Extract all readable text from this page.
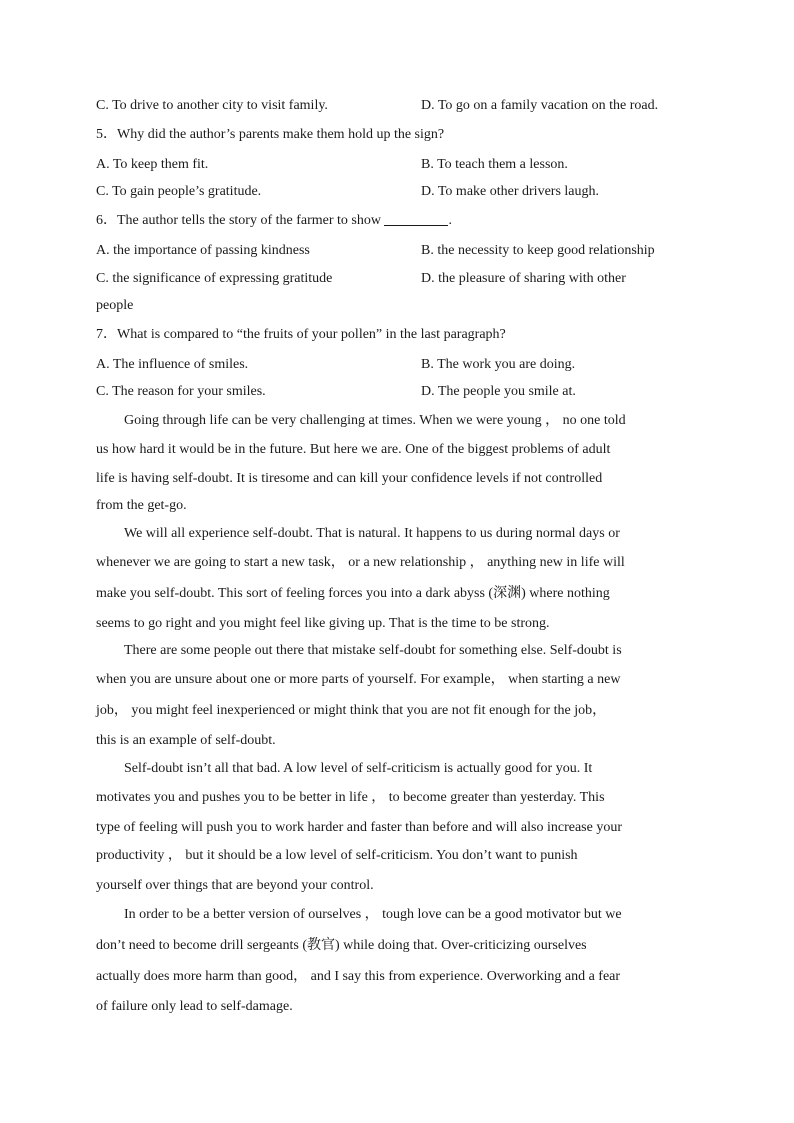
C. To drive to another city to visit family.	D. To go on a family vacation on the road.
5．Why did the author’s parents make them hold up the sign?
A. To keep them fit.	B. To teach them a lesson.
C. To gain people’s gratitude.	D. To make other drivers laugh.
6．The author tells the story of the farmer to show	.
A. the importance of passing kindness	B. the necessity to keep good relationship
C. the significance of expressing gratitude	D. the pleasure of sharing with other
people
7．What is compared to “the fruits of your pollen” in the last paragraph?
A. The influence of smiles.	B. The work you are doing.
C. The reason for your smiles.	D. The people you smile at.
Going through life can be very challenging at times. When we were young ， no one told
us how hard it would be in the future. But here we are. One of the biggest problems of adult
life is having self-doubt. It is tiresome and can kill your confidence levels if not controlled
from the get-go.
We will all experience self-doubt. That is natural. It happens to us during normal days or
whenever we are going to start a new task， or a new relationship ， anything new in life will
make you self-doubt. This sort of feeling forces you into a dark abyss (深渊) where nothing
seems to go right and you might feel like giving up. That is the time to be strong.
There are some people out there that mistake self-doubt for something else. Self-doubt is
when you are unsure about one or more parts of yourself. For example， when starting a new
job， you might feel inexperienced or might think that you are not fit enough for the job，
this is an example of self-doubt.
Self-doubt isn’t all that bad. A low level of self-criticism is actually good for you. It
motivates you and pushes you to be better in life ， to become greater than yesterday. This
type of feeling will push you to work harder and faster than before and will also increase your
productivity ， but it should be a low level of self-criticism. You don’t want to punish
yourself over things that are beyond your control.
In order to be a better version of ourselves ， tough love can be a good motivator but we
don’t need to become drill sergeants (教官) while doing that. Over-criticizing ourselves
actually does more harm than good， and I say this from experience. Overworking and a fear
of failure only lead to self-damage.
